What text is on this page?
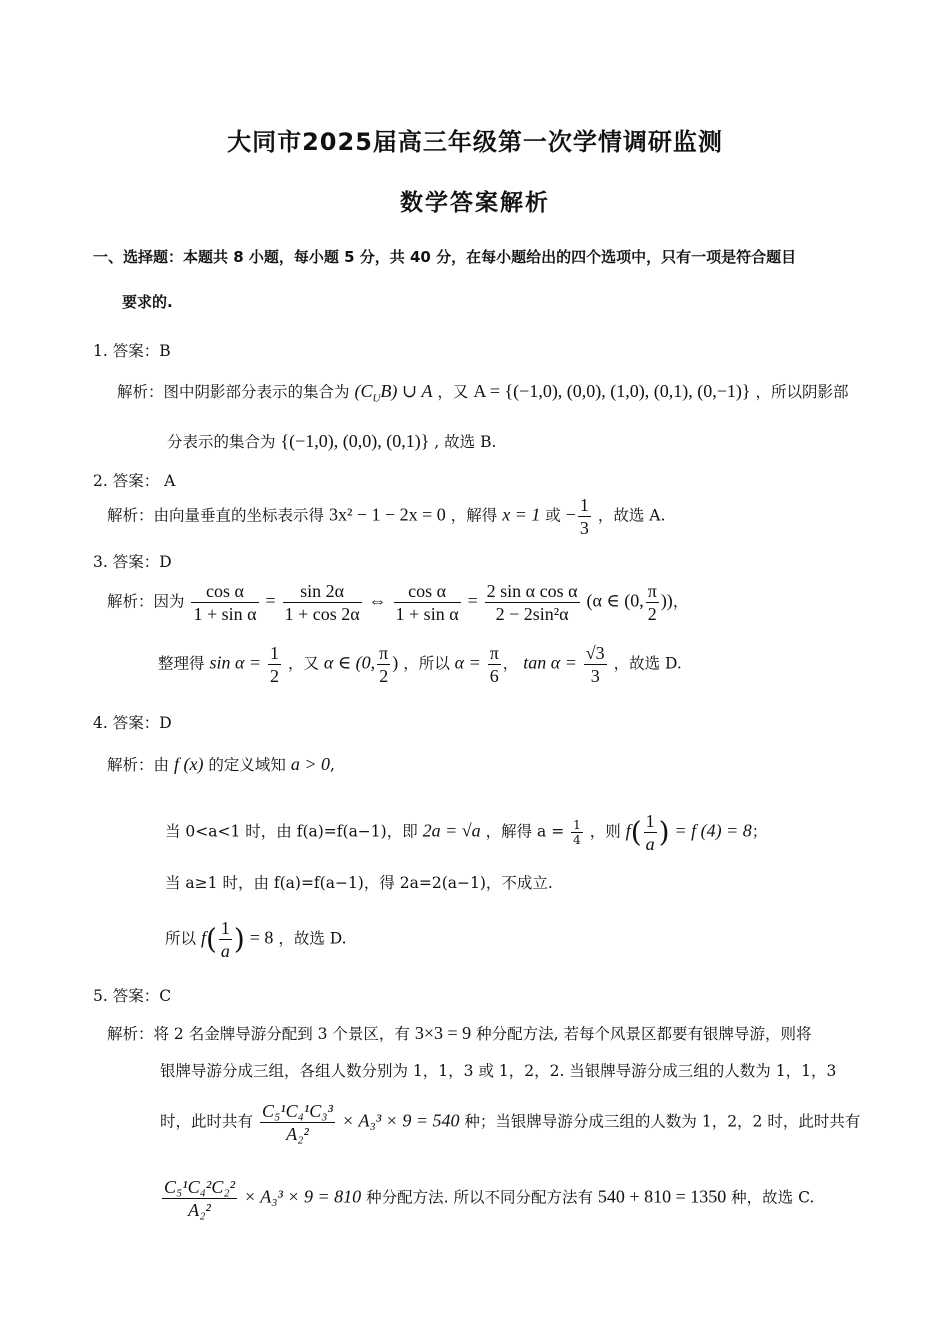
大同市2025届高三年级第一次学情调研监测
数学答案解析
一、选择题：本题共 8 小题，每小题 5 分，共 40 分，在每小题给出的四个选项中，只有一项是符合题目
要求的.
1. 答案：B
解析：图中阴影部分表示的集合为 $(C_UB)$ ∪ A ，又 A = {(−1,0), (0,0), (1,0), (0,1), (0,−1)} ，所以阴影部
分表示的集合为 {(−1,0), (0,0), (0,1)} , 故选 B.
2. 答案： A
解析：由向量垂直的坐标表示得 3x² − 1 − 2x = 0 ，解得 x = 1 或 − $\frac{1}{3}$ ，故选 A.
3. 答案：D
解析：因为 $\frac{\text{cos α}}{\text{1 + sin α}} = \frac{\sin 2\alpha}{1 + \cos 2\alpha}$ ⇔ $\frac{\text{cos α}}{\text{1 + sin α}} = \frac{\text{2 sin α cos α}}{\text{2 − 2sin²α}} (\alpha$ ∈ (0, $\frac{\pi}{2}$ ))，
整理得 $\sin \alpha = \frac{1}{2}$ ，又 α ∈ (0, $\frac{\pi}{2}$ ) ，所以 $\alpha = \frac{\pi}{6}$ ， $\tan \alpha = \frac{√3}{3}$ ，故选 D.
4. 答案：D
解析：由 f (x) 的定义域知 a > 0,
当 0<a<1 时，由 f(a)=f(a−1)，即 2a = √a ，解得 $a = \frac{1}{4}$ ，则 $f( \frac{1}{a}$ ) = f (4) = 8；
当 a≥1 时，由 f(a)=f(a−1)，得 2a=2(a−1)，不成立.
所以 $f( \frac{1}{a}$ ) = 8 ，故选 D.
5. 答案：C
解析：将 2 名金牌导游分配到 3 个景区，有 3×3 = 9 种分配方法, 若每个风景区都要有银牌导游，则将
银牌导游分成三组，各组人数分别为 1，1，3 或 1，2，2. 当银牌导游分成三组的人数为 1，1，3
时，此时共有 $\frac{\text{C₅¹C₄¹C₃³}}{\text{A₂²}} \times A_3^3 \times 9 = 540$ 种；当银牌导游分成三组的人数为 1，2，2 时，此时共有
$\frac{\text{C₅¹C₄²C₂²}}{\text{A₂²}} \times A_3^3 \times 9 = 810$ 种分配方法. 所以不同分配方法有 540 + 810 = 1350 种，故选 C.
